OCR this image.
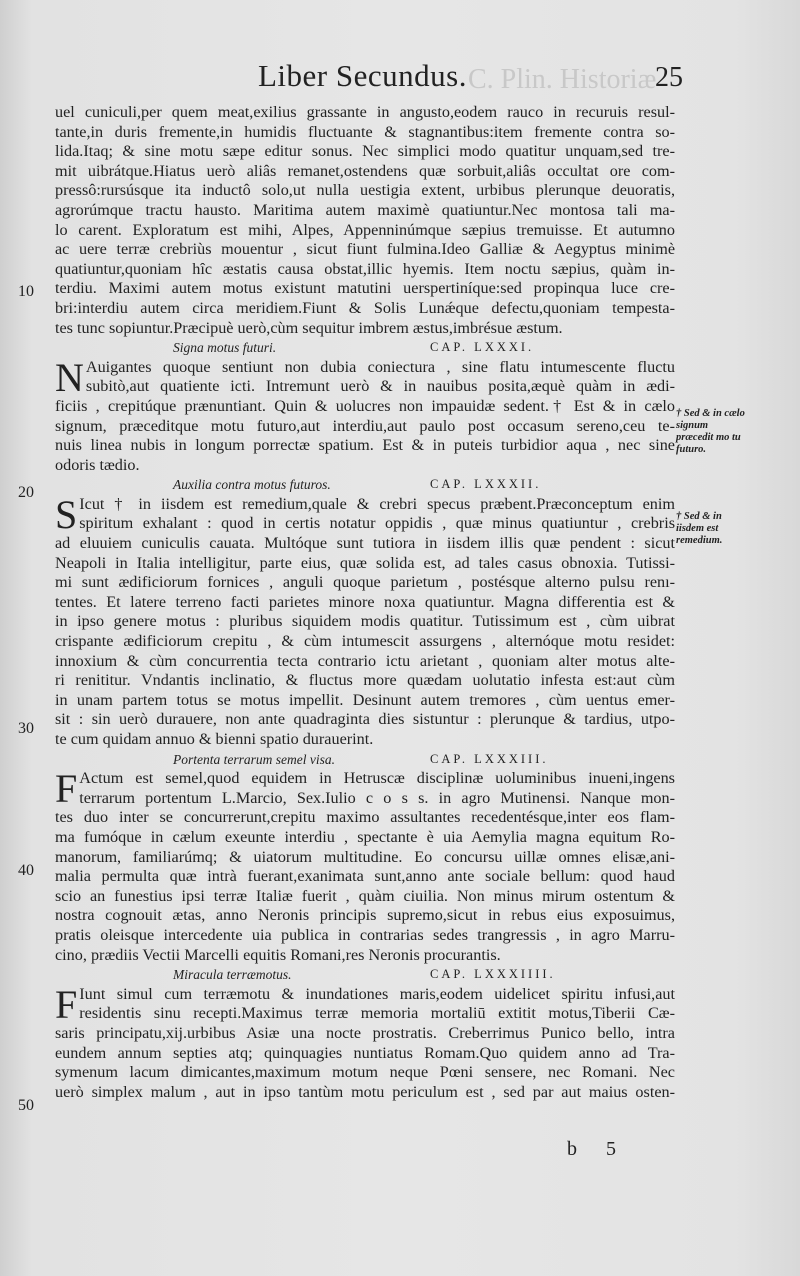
C. Plin. Historiæ
Liber Secundus.	25
10
20
30
40
50
† Sed & in cælo signum præcedit mo tu futuro.
† Sed & in iisdem est remedium.
uel cuniculi,per quem meat,exilius grassante in angusto,eodem rauco in recuruis resul-
tante,in duris fremente,in humidis fluctuante & stagnantibus:item fremente contra so-
lida.Itaq; & sine motu sæpe editur sonus. Nec simplici modo quatitur unquam,sed tre-
mit uibrátque.Hiatus uerò aliâs remanet,ostendens quæ sorbuit,aliâs occultat ore com-
pressô:rursúsque ita inductô solo,ut nulla uestigia extent, urbibus plerunque deuoratis,
agrorúmque tractu hausto. Maritima autem maximè quatiuntur.Nec montosa tali ma-
lo carent. Exploratum est mihi, Alpes, Appenninúmque sæpius tremuisse. Et autumno
ac uere terræ crebriùs mouentur , sicut fiunt fulmina.Ideo Galliæ & Aegyptus minimè
quatiuntur,quoniam hîc æstatis causa obstat,illic hyemis. Item noctu sæpius, quàm in-
terdiu. Maximi autem motus existunt matutini uerspertiníque:sed propinqua luce cre-
bri:interdiu autem circa meridiem.Fiunt & Solis Lunǽque defectu,quoniam tempesta-
tes tunc sopiuntur.Præcipuè uerò,cùm sequitur imbrem æstus,imbrésue æstum.
Signa motus futuri.	CAP. LXXXI.
N Auigantes quoque sentiunt non dubia coniectura , sine flatu intumescente fluctu
subitò,aut quatiente icti. Intremunt uerò & in nauibus posita,æquè quàm in ædi-
ficiis , crepitúque prænuntiant. Quin & uolucres non impauidæ sedent.† Est & in cælo
signum, præceditque motu futuro,aut interdiu,aut paulo post occasum sereno,ceu te-
nuis linea nubis in longum porrectæ spatium. Est & in puteis turbidior aqua , nec sine
odoris tædio.
Auxilia contra motus futuros.	CAP. LXXXII.
S Icut † in iisdem est remedium,quale & crebri specus præbent.Præconceptum enim
spiritum exhalant : quod in certis notatur oppidis , quæ minus quatiuntur , crebris
ad eluuiem cuniculis cauata. Multóque sunt tutiora in iisdem illis quæ pendent : sicut
Neapoli in Italia intelligitur, parte eius, quæ solida est, ad tales casus obnoxia. Tutissi-
mi sunt ædificiorum fornices , anguli quoque parietum , postésque alterno pulsu renı-
tentes. Et latere terreno facti parietes minore noxa quatiuntur. Magna differentia est &
in ipso genere motus : pluribus siquidem modis quatitur. Tutissimum est , cùm uibrat
crispante ædificiorum crepitu , & cùm intumescit assurgens , alternóque motu residet:
innoxium & cùm concurrentia tecta contrario ictu arietant , quoniam alter motus alte-
ri renititur. Vndantis inclinatio, & fluctus more quædam uolutatio infesta est:aut cùm
in unam partem totus se motus impellit. Desinunt autem tremores , cùm uentus emer-
sit : sin uerò durauere, non ante quadraginta dies sistuntur : plerunque & tardius, utpo-
te cum quidam annuo & bienni spatio durauerint.
Portenta terrarum semel visa.	CAP. LXXXIII.
F Actum est semel,quod equidem in Hetruscæ disciplinæ uoluminibus inueni,ingens
terrarum portentum L.Marcio, Sex.Iulio c o s s. in agro Mutinensi. Nanque mon-
tes duo inter se concurrerunt,crepitu maximo assultantes recedentésque,inter eos flam-
ma fumóque in cælum exeunte interdiu , spectante è uia Aemylia magna equitum Ro-
manorum, familiarúmq; & uiatorum multitudine. Eo concursu uillæ omnes elisæ,ani-
malia permulta quæ intrà fuerant,exanimata sunt,anno ante sociale bellum: quod haud
scio an funestius ipsi terræ Italiæ fuerit , quàm ciuilia. Non minus mirum ostentum &
nostra cognouit ætas, anno Neronis principis supremo,sicut in rebus eius exposuimus,
pratis oleisque intercedente uia publica in contrarias sedes trangressis , in agro Marru-
cino, prædiis Vectii Marcelli equitis Romani,res Neronis procurantis.
Miracula terræmotus.	CAP. LXXXIIII.
F Iunt simul cum terræmotu & inundationes maris,eodem uidelicet spiritu infusi,aut
residentis sinu recepti.Maximus terræ memoria mortaliū extitit motus,Tiberii Cæ-
saris principatu,xij.urbibus Asiæ una nocte prostratis. Creberrimus Punico bello, intra
eundem annum septies atq; quinquagies nuntiatus Romam.Quo quidem anno ad Tra-
symenum lacum dimicantes,maximum motum neque Pœni sensere, nec Romani. Nec
uerò simplex malum , aut in ipso tantùm motu periculum est , sed par aut maius osten-
b 5
